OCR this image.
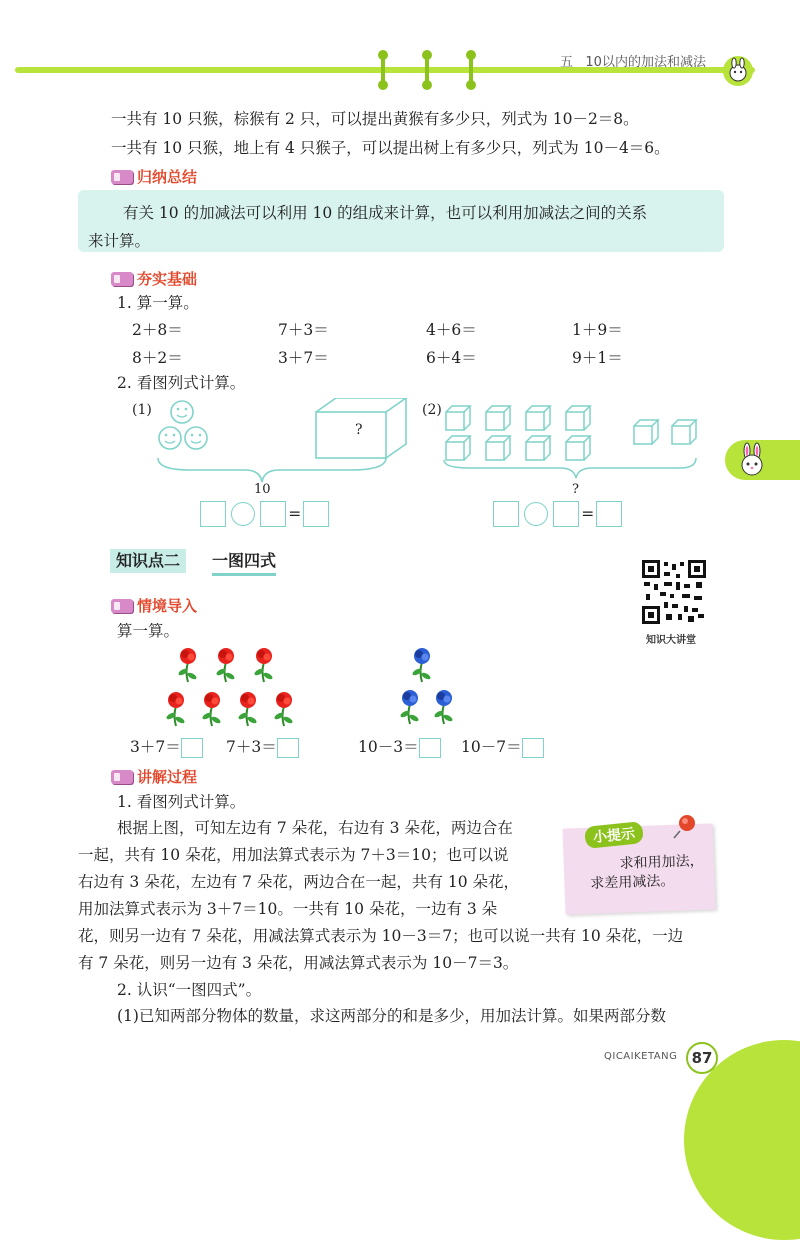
五   10以内的加法和减法
一共有 10 只猴，棕猴有 2 只，可以提出黄猴有多少只，列式为 10－2＝8。
一共有 10 只猴，地上有 4 只猴子，可以提出树上有多少只，列式为 10－4＝6。
归纳总结
有关 10 的加减法可以利用 10 的组成来计算，也可以利用加减法之间的关系
来计算。
夯实基础
1. 算一算。
2＋8＝	7＋3＝	4＋6＝	1＋9＝
8＋2＝	3＋7＝	6＋4＝	9＋1＝
2. 看图列式计算。
(1)
?
10
=
(2)
?
=
知识点二	一图四式
知识大讲堂
情境导入
算一算。
3＋7＝	7＋3＝	10－3＝	10－7＝
讲解过程
1. 看图列式计算。
根据上图，可知左边有 7 朵花，右边有 3 朵花，两边合在
一起，共有 10 朵花，用加法算式表示为 7＋3＝10；也可以说
右边有 3 朵花，左边有 7 朵花，两边合在一起，共有 10 朵花，
用加法算式表示为 3＋7＝10。一共有 10 朵花，一边有 3 朵
花，则另一边有 7 朵花，用减法算式表示为 10－3＝7；也可以说一共有 10 朵花，一边
有 7 朵花，则另一边有 3 朵花，用减法算式表示为 10－7＝3。
2. 认识“一图四式”。
(1)已知两部分物体的数量，求这两部分的和是多少，用加法计算。如果两部分数
小提示
求和用加法，
求差用减法。
QICAIKETANG 87
